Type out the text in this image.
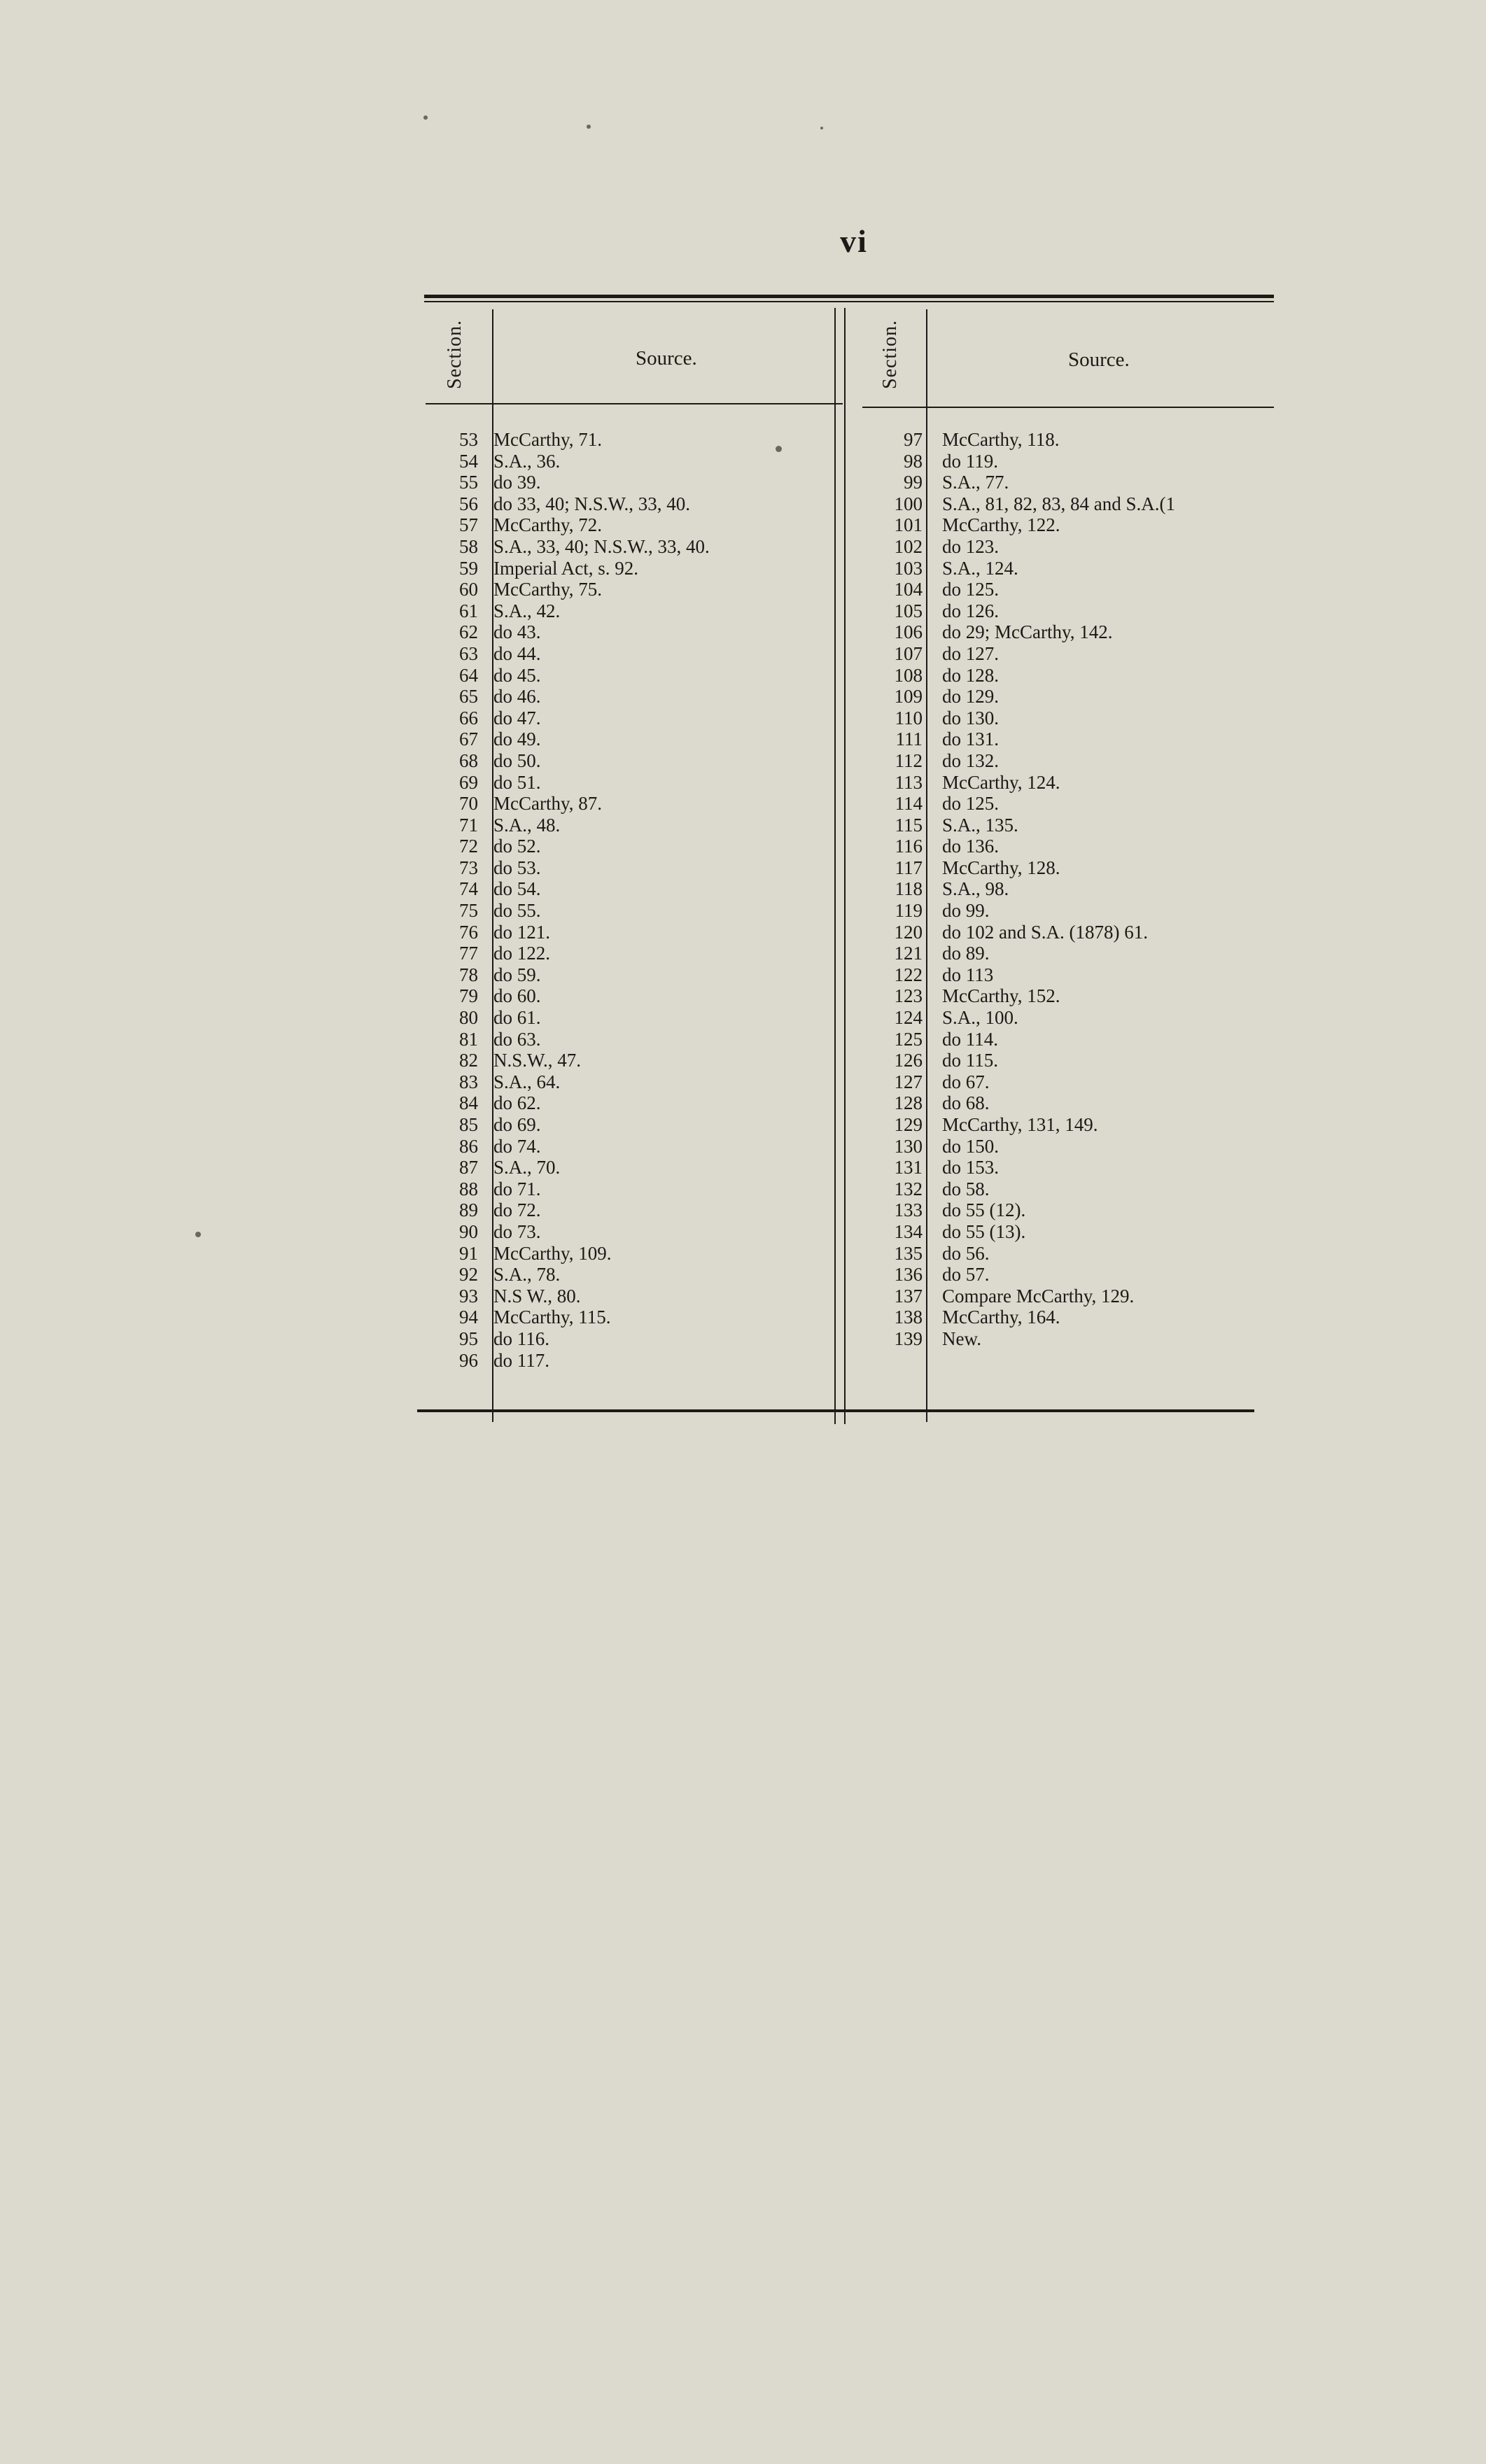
vi
Section.	Source.	Section.	Source.
53 McCarthy, 71.
54 S.A., 36.
55 do 39.
56 do 33, 40; N.S.W., 33, 40.
57 McCarthy, 72.
58 S.A., 33, 40; N.S.W., 33, 40.
59 Imperial Act, s. 92.
60 McCarthy, 75.
61 S.A., 42.
62 do 43.
63 do 44.
64 do 45.
65 do 46.
66 do 47.
67 do 49.
68 do 50.
69 do 51.
70 McCarthy, 87.
71 S.A., 48.
72 do 52.
73 do 53.
74 do 54.
75 do 55.
76 do 121.
77 do 122.
78 do 59.
79 do 60.
80 do 61.
81 do 63.
82 N.S.W., 47.
83 S.A., 64.
84 do 62.
85 do 69.
86 do 74.
87 S.A., 70.
88 do 71.
89 do 72.
90 do 73.
91 McCarthy, 109.
92 S.A., 78.
93 N.S W., 80.
94 McCarthy, 115.
95 do 116.
96 do 117.
97	McCarthy, 118.
98	do 119.
99	S.A., 77.
100	S.A., 81, 82, 83, 84 and S.A.(1
101	McCarthy, 122.
102	do 123.
103	S.A., 124.
104	do 125.
105	do 126.
106	do 29; McCarthy, 142.
107	do 127.
108	do 128.
109	do 129.
110	do 130.
111	do 131.
112	do 132.
113	McCarthy, 124.
114	do 125.
115	S.A., 135.
116	do 136.
117	McCarthy, 128.
118	S.A., 98.
119	do 99.
120	do 102 and S.A. (1878) 61.
121	do 89.
122	do 113
123	McCarthy, 152.
124	S.A., 100.
125	do 114.
126	do 115.
127	do 67.
128	do 68.
129	McCarthy, 131, 149.
130	do 150.
131	do 153.
132	do 58.
133	do 55 (12).
134	do 55 (13).
135	do 56.
136	do 57.
137	Compare McCarthy, 129.
138	McCarthy, 164.
139	New.
